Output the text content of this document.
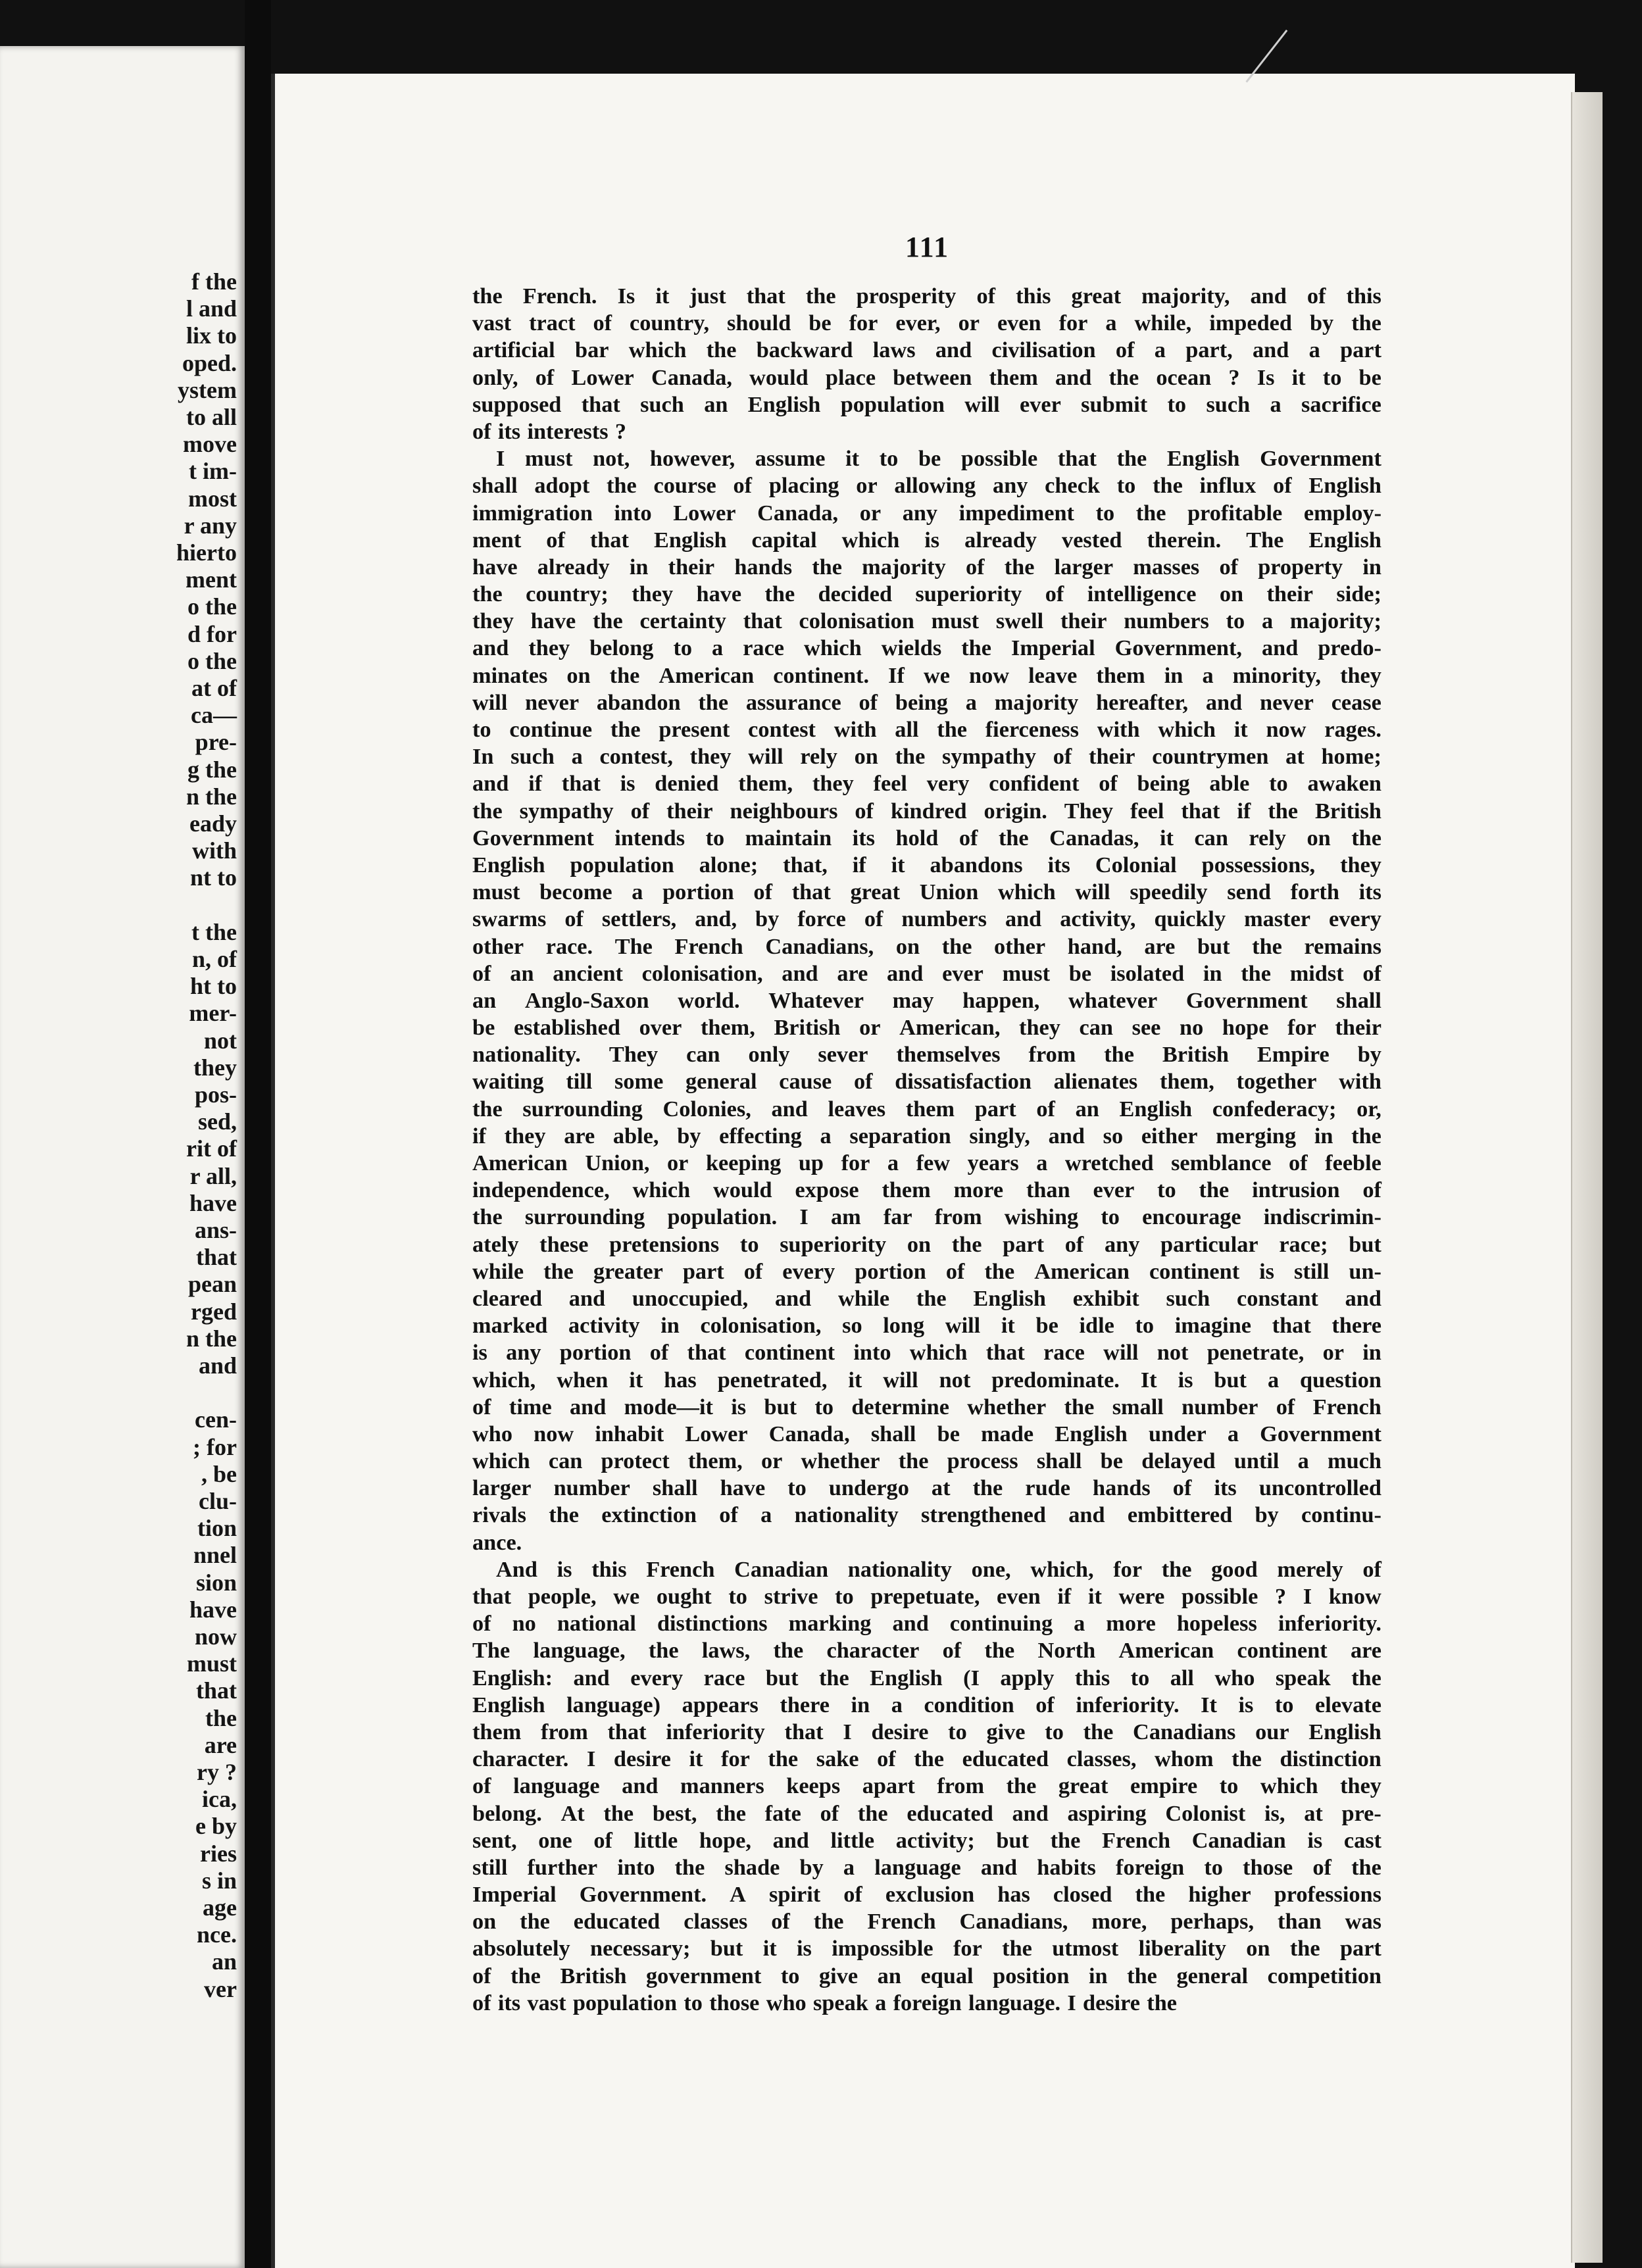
f the
l and
lix to
oped.
ystem
to all
move
t im-
most
r any
hierto
ment
o the
d for
o the
at of
ca—
pre-
g the
n the
eady
with
nt to
t the
n, of
ht to
mer-
not
they
pos-
sed,
rit of
r all,
have
ans-
that
pean
rged
n the
and
cen-
; for
, be
clu-
tion
nnel
sion
have
now
must
that
the
are
ry ?
ica,
e by
ries
s in
age
nce.
an
ver
111
the French. Is it just that the prosperity of this great majority, and of this
vast tract of country, should be for ever, or even for a while, impeded by the
artificial bar which the backward laws and civilisation of a part, and a part
only, of Lower Canada, would place between them and the ocean ? Is it to be
supposed that such an English population will ever submit to such a sacrifice
of its interests ?
I must not, however, assume it to be possible that the English Government
shall adopt the course of placing or allowing any check to the influx of English
immigration into Lower Canada, or any impediment to the profitable employ-
ment of that English capital which is already vested therein. The English
have already in their hands the majority of the larger masses of property in
the country; they have the decided superiority of intelligence on their side;
they have the certainty that colonisation must swell their numbers to a majority;
and they belong to a race which wields the Imperial Government, and predo-
minates on the American continent. If we now leave them in a minority, they
will never abandon the assurance of being a majority hereafter, and never cease
to continue the present contest with all the fierceness with which it now rages.
In such a contest, they will rely on the sympathy of their countrymen at home;
and if that is denied them, they feel very confident of being able to awaken
the sympathy of their neighbours of kindred origin. They feel that if the British
Government intends to maintain its hold of the Canadas, it can rely on the
English population alone; that, if it abandons its Colonial possessions, they
must become a portion of that great Union which will speedily send forth its
swarms of settlers, and, by force of numbers and activity, quickly master every
other race. The French Canadians, on the other hand, are but the remains
of an ancient colonisation, and are and ever must be isolated in the midst of
an Anglo-Saxon world. Whatever may happen, whatever Government shall
be established over them, British or American, they can see no hope for their
nationality. They can only sever themselves from the British Empire by
waiting till some general cause of dissatisfaction alienates them, together with
the surrounding Colonies, and leaves them part of an English confederacy; or,
if they are able, by effecting a separation singly, and so either merging in the
American Union, or keeping up for a few years a wretched semblance of feeble
independence, which would expose them more than ever to the intrusion of
the surrounding population. I am far from wishing to encourage indiscrimin-
ately these pretensions to superiority on the part of any particular race; but
while the greater part of every portion of the American continent is still un-
cleared and unoccupied, and while the English exhibit such constant and
marked activity in colonisation, so long will it be idle to imagine that there
is any portion of that continent into which that race will not penetrate, or in
which, when it has penetrated, it will not predominate. It is but a question
of time and mode—it is but to determine whether the small number of French
who now inhabit Lower Canada, shall be made English under a Government
which can protect them, or whether the process shall be delayed until a much
larger number shall have to undergo at the rude hands of its uncontrolled
rivals the extinction of a nationality strengthened and embittered by continu-
ance.
And is this French Canadian nationality one, which, for the good merely of
that people, we ought to strive to prepetuate, even if it were possible ? I know
of no national distinctions marking and continuing a more hopeless inferiority.
The language, the laws, the character of the North American continent are
English: and every race but the English (I apply this to all who speak the
English language) appears there in a condition of inferiority. It is to elevate
them from that inferiority that I desire to give to the Canadians our English
character. I desire it for the sake of the educated classes, whom the distinction
of language and manners keeps apart from the great empire to which they
belong. At the best, the fate of the educated and aspiring Colonist is, at pre-
sent, one of little hope, and little activity; but the French Canadian is cast
still further into the shade by a language and habits foreign to those of the
Imperial Government. A spirit of exclusion has closed the higher professions
on the educated classes of the French Canadians, more, perhaps, than was
absolutely necessary; but it is impossible for the utmost liberality on the part
of the British government to give an equal position in the general competition
of its vast population to those who speak a foreign language. I desire the
